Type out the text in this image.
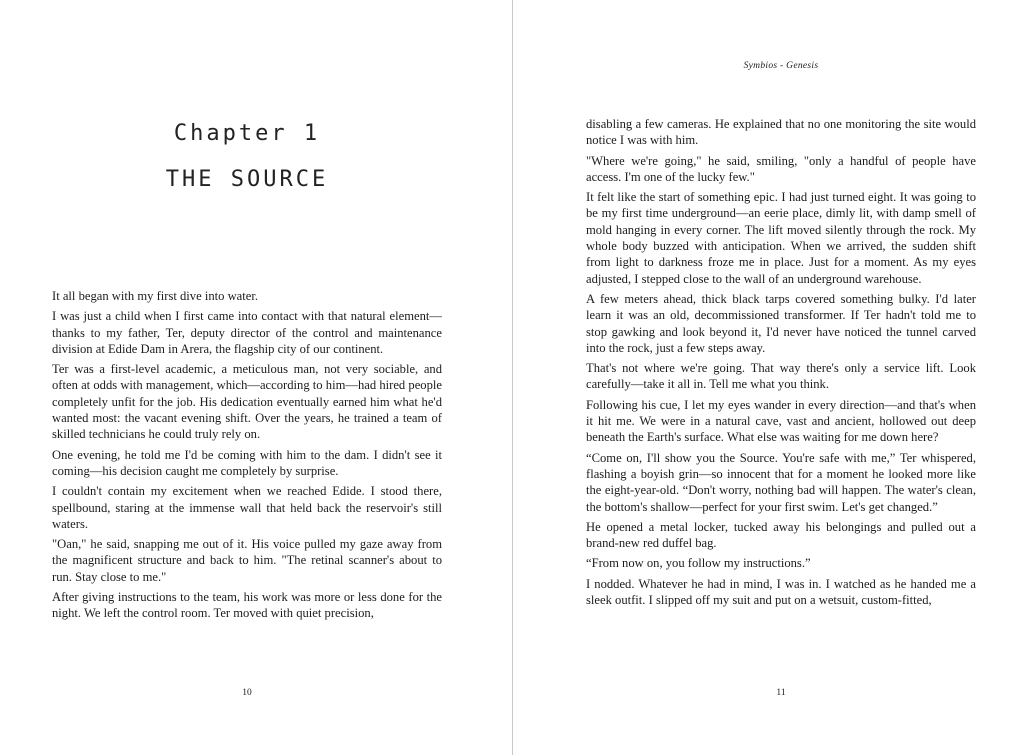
Chapter 1
THE SOURCE

It all began with my first dive into water.

I was just a child when I first came into contact with that natural element—thanks to my father, Ter, deputy director of the control and maintenance division at Edide Dam in Arera, the flagship city of our continent.

Ter was a first-level academic, a meticulous man, not very sociable, and often at odds with management, which—according to him—had hired people completely unfit for the job. His dedication eventually earned him what he'd wanted most: the vacant evening shift. Over the years, he trained a team of skilled technicians he could truly rely on.

One evening, he told me I'd be coming with him to the dam. I didn't see it coming—his decision caught me completely by surprise.

I couldn't contain my excitement when we reached Edide. I stood there, spellbound, staring at the immense wall that held back the reservoir's still waters.

"Oan," he said, snapping me out of it. His voice pulled my gaze away from the magnificent structure and back to him. "The retinal scanner's about to run. Stay close to me."

After giving instructions to the team, his work was more or less done for the night. We left the control room. Ter moved with quiet precision,

10
Symbios - Genesis

disabling a few cameras. He explained that no one monitoring the site would notice I was with him.

"Where we're going," he said, smiling, "only a handful of people have access. I'm one of the lucky few."

It felt like the start of something epic. I had just turned eight. It was going to be my first time underground—an eerie place, dimly lit, with damp smell of mold hanging in every corner. The lift moved silently through the rock. My whole body buzzed with anticipation. When we arrived, the sudden shift from light to darkness froze me in place. Just for a moment. As my eyes adjusted, I stepped close to the wall of an underground warehouse.

A few meters ahead, thick black tarps covered something bulky. I'd later learn it was an old, decommissioned transformer. If Ter hadn't told me to stop gawking and look beyond it, I'd never have noticed the tunnel carved into the rock, just a few steps away.

That's not where we're going. That way there's only a service lift. Look carefully—take it all in. Tell me what you think.

Following his cue, I let my eyes wander in every direction—and that's when it hit me. We were in a natural cave, vast and ancient, hollowed out deep beneath the Earth's surface. What else was waiting for me down here?

“Come on, I'll show you the Source. You're safe with me,” Ter whispered, flashing a boyish grin—so innocent that for a moment he looked more like the eight-year-old. “Don't worry, nothing bad will happen. The water's clean, the bottom's shallow—perfect for your first swim. Let's get changed.”

He opened a metal locker, tucked away his belongings and pulled out a brand-new red duffel bag.

“From now on, you follow my instructions.”

I nodded. Whatever he had in mind, I was in. I watched as he handed me a sleek outfit. I slipped off my suit and put on a wetsuit, custom-fitted,

11
